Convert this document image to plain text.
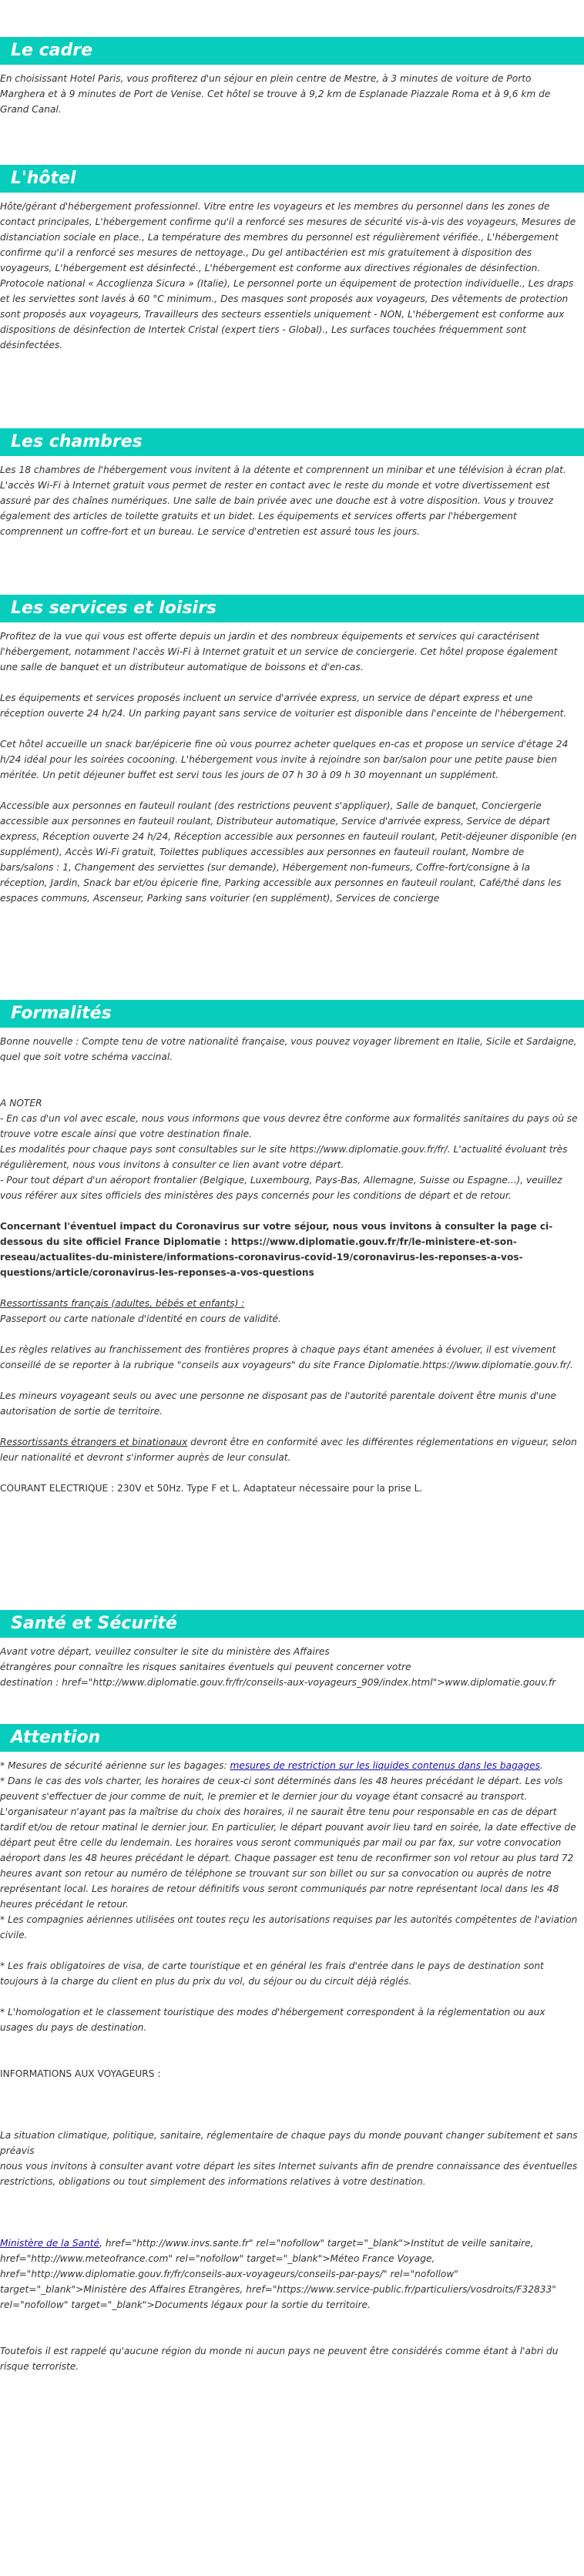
Le cadre

En choisissant Hotel Paris, vous profiterez d'un séjour en plein centre de Mestre, à 3 minutes de voiture de Porto Marghera et à 9 minutes de Port de Venise. Cet hôtel se trouve à 9,2 km de Esplanade Piazzale Roma et à 9,6 km de Grand Canal.

L'hôtel

Hôte/gérant d'hébergement professionnel. Vitre entre les voyageurs et les membres du personnel dans les zones de contact principales, L'hébergement confirme qu'il a renforcé ses mesures de sécurité vis-à-vis des voyageurs, Mesures de distanciation sociale en place., La température des membres du personnel est régulièrement vérifiée., L'hébergement confirme qu'il a renforcé ses mesures de nettoyage., Du gel antibactérien est mis gratuitement à disposition des voyageurs, L'hébergement est désinfecté., L'hébergement est conforme aux directives régionales de désinfection. Protocole national « Accoglienza Sicura » (Italie), Le personnel porte un équipement de protection individuelle., Les draps et les serviettes sont lavés à 60 °C minimum., Des masques sont proposés aux voyageurs, Des vêtements de protection sont proposés aux voyageurs, Travailleurs des secteurs essentiels uniquement - NON, L'hébergement est conforme aux dispositions de désinfection de Intertek Cristal (expert tiers - Global)., Les surfaces touchées fréquemment sont désinfectées.

Les chambres

Les 18 chambres de l'hébergement vous invitent à la détente et comprennent un minibar et une télévision à écran plat. L'accès Wi-Fi à Internet gratuit vous permet de rester en contact avec le reste du monde et votre divertissement est assuré par des chaînes numériques. Une salle de bain privée avec une douche est à votre disposition. Vous y trouvez également des articles de toilette gratuits et un bidet. Les équipements et services offerts par l'hébergement comprennent un coffre-fort et un bureau. Le service d'entretien est assuré tous les jours.

Les services et loisirs

Profitez de la vue qui vous est offerte depuis un jardin et des nombreux équipements et services qui caractérisent l'hébergement, notamment l'accès Wi-Fi à Internet gratuit et un service de conciergerie. Cet hôtel propose également une salle de banquet et un distributeur automatique de boissons et d'en-cas.

Les équipements et services proposés incluent un service d'arrivée express, un service de départ express et une réception ouverte 24 h/24. Un parking payant sans service de voiturier est disponible dans l'enceinte de l'hébergement.

Cet hôtel accueille un snack bar/épicerie fine où vous pourrez acheter quelques en-cas et propose un service d'étage 24 h/24 idéal pour les soirées cocooning. L'hébergement vous invite à rejoindre son bar/salon pour une petite pause bien méritée. Un petit déjeuner buffet est servi tous les jours de 07 h 30 à 09 h 30 moyennant un supplément.

Accessible aux personnes en fauteuil roulant (des restrictions peuvent s'appliquer), Salle de banquet, Conciergerie accessible aux personnes en fauteuil roulant, Distributeur automatique, Service d'arrivée express, Service de départ express, Réception ouverte 24 h/24, Réception accessible aux personnes en fauteuil roulant, Petit-déjeuner disponible (en supplément), Accès Wi-Fi gratuit, Toilettes publiques accessibles aux personnes en fauteuil roulant, Nombre de bars/salons : 1, Changement des serviettes (sur demande), Hébergement non-fumeurs, Coffre-fort/consigne à la réception, Jardin, Snack bar et/ou épicerie fine, Parking accessible aux personnes en fauteuil roulant, Café/thé dans les espaces communs, Ascenseur, Parking sans voiturier (en supplément), Services de concierge

Formalités

Bonne nouvelle : Compte tenu de votre nationalité française, vous pouvez voyager librement en Italie, Sicile et Sardaigne, quel que soit votre schéma vaccinal.

A NOTER

- En cas d'un vol avec escale, nous vous informons que vous devrez être conforme aux formalités sanitaires du pays où se trouve votre escale ainsi que votre destination finale.

Les modalités pour chaque pays sont consultables sur le site https://www.diplomatie.gouv.fr/fr/. L'actualité évoluant très régulièrement, nous vous invitons à consulter ce lien avant votre départ.

- Pour tout départ d'un aéroport frontalier (Belgique, Luxembourg, Pays-Bas, Allemagne, Suisse ou Espagne...), veuillez vous référer aux sites officiels des ministères des pays concernés pour les conditions de départ et de retour.

Concernant l'éventuel impact du Coronavirus sur votre séjour, nous vous invitons à consulter la page ci-dessous du site officiel France Diplomatie : https://www.diplomatie.gouv.fr/fr/le-ministere-et-son-reseau/actualites-du-ministere/informations-coronavirus-covid-19/coronavirus-les-reponses-a-vos-questions/article/coronavirus-les-reponses-a-vos-questions

Ressortissants français (adultes, bébés et enfants) :

Passeport ou carte nationale d'identité en cours de validité.

Les règles relatives au franchissement des frontières propres à chaque pays étant amenées à évoluer, il est vivement conseillé de se reporter à la rubrique "conseils aux voyageurs" du site France Diplomatie.https://www.diplomatie.gouv.fr/.

Les mineurs voyageant seuls ou avec une personne ne disposant pas de l'autorité parentale doivent être munis d'une autorisation de sortie de territoire.

Ressortissants étrangers et binationaux devront être en conformité avec les différentes réglementations en vigueur, selon leur nationalité et devront s'informer auprès de leur consulat.

COURANT ELECTRIQUE : 230V et 50Hz. Type F et L. Adaptateur nécessaire pour la prise L.

Santé et Sécurité

Avant votre départ, veuillez consulter le site du ministère des Affaires

étrangères pour connaître les risques sanitaires éventuels qui peuvent concerner votre

destination : href="http://www.diplomatie.gouv.fr/fr/conseils-aux-voyageurs_909/index.html">www.diplomatie.gouv.fr

Attention

* Mesures de sécurité aérienne sur les bagages: mesures de restriction sur les liquides contenus dans les bagages.

* Dans le cas des vols charter, les horaires de ceux-ci sont déterminés dans les 48 heures précédant le départ. Les vols peuvent s'effectuer de jour comme de nuit, le premier et le dernier jour du voyage étant consacré au transport. L'organisateur n'ayant pas la maîtrise du choix des horaires, il ne saurait être tenu pour responsable en cas de départ tardif et/ou de retour matinal le dernier jour. En particulier, le départ pouvant avoir lieu tard en soirée, la date effective de départ peut être celle du lendemain. Les horaires vous seront communiqués par mail ou par fax, sur votre convocation aéroport dans les 48 heures précédant le départ. Chaque passager est tenu de reconfirmer son vol retour au plus tard 72 heures avant son retour au numéro de téléphone se trouvant sur son billet ou sur sa convocation ou auprès de notre représentant local. Les horaires de retour définitifs vous seront communiqués par notre représentant local dans les 48 heures précédant le retour.

* Les compagnies aériennes utilisées ont toutes reçu les autorisations requises par les autorités compétentes de l'aviation civile.

* Les frais obligatoires de visa, de carte touristique et en général les frais d'entrée dans le pays de destination sont toujours à la charge du client en plus du prix du vol, du séjour ou du circuit déjà réglés.

* L'homologation et le classement touristique des modes d'hébergement correspondent à la réglementation ou aux usages du pays de destination.

INFORMATIONS AUX VOYAGEURS :

La situation climatique, politique, sanitaire, réglementaire de chaque pays du monde pouvant changer subitement et sans préavis

nous vous invitons à consulter avant votre départ les sites Internet suivants afin de prendre connaissance des éventuelles restrictions, obligations ou tout simplement des informations relatives à votre destination.

Ministère de la Santé, href="http://www.invs.sante.fr" rel="nofollow" target="_blank">Institut de veille sanitaire, href="http://www.meteofrance.com" rel="nofollow" target="_blank">Méteo France Voyage, href="http://www.diplomatie.gouv.fr/fr/conseils-aux-voyageurs/conseils-par-pays/" rel="nofollow" target="_blank">Ministère des Affaires Etrangères, href="https://www.service-public.fr/particuliers/vosdroits/F32833" rel="nofollow" target="_blank">Documents légaux pour la sortie du territoire.

Toutefois il est rappelé qu'aucune région du monde ni aucun pays ne peuvent être considérés comme étant à l'abri du risque terroriste.
